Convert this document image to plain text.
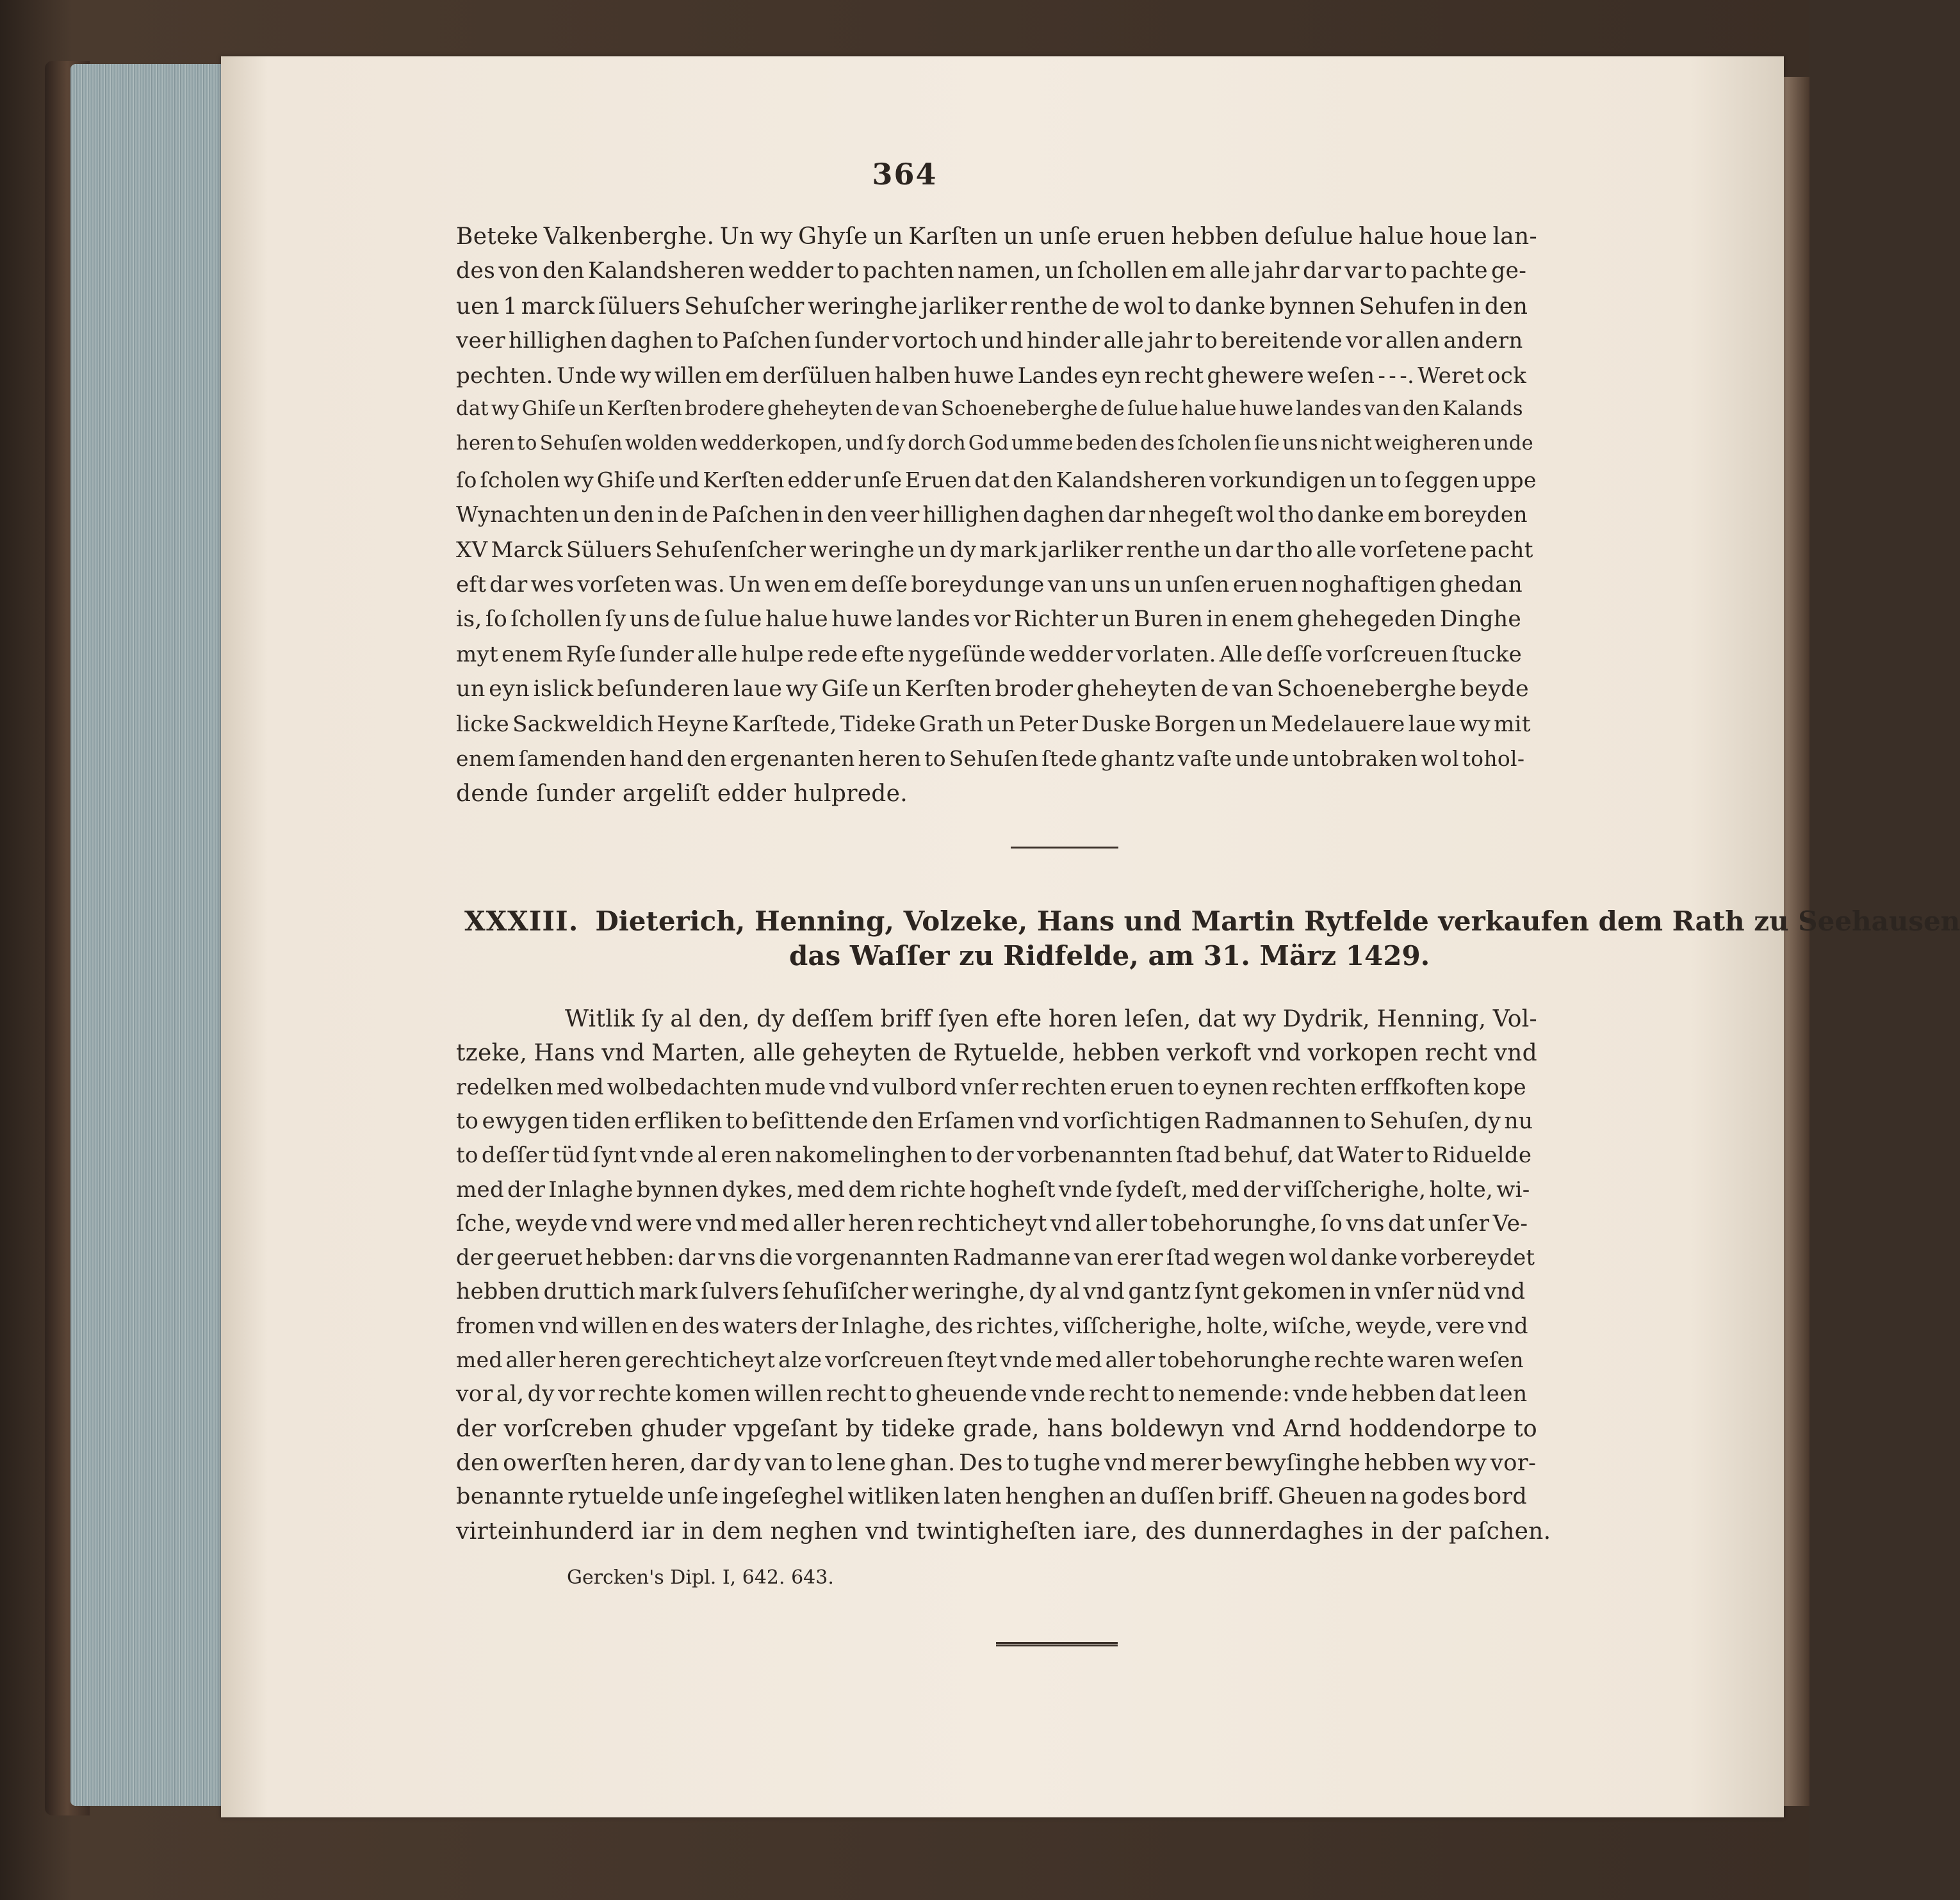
364
Beteke Valkenberghe. Un wy Ghyſe un Karſten un unſe eruen hebben deſulue halue houe lan-
des von den Kalandsheren wedder to pachten namen, un ſchollen em alle jahr dar var to pachte ge-
uen 1 marck ſüluers Sehuſcher weringhe jarliker renthe de wol to danke bynnen Sehufen in den
veer hillighen daghen to Paſchen ſunder vortoch und hinder alle jahr to bereitende vor allen andern
pechten. Unde wy willen em derſüluen halben huwe Landes eyn recht ghewere weſen - - -. Weret ock
dat wy Ghiſe un Kerſten brodere gheheyten de van Schoeneberghe de ſulue halue huwe landes van den Kalands
heren to Sehuſen wolden wedderkopen, und ſy dorch God umme beden des ſcholen ſie uns nicht weigheren unde
ſo ſcholen wy Ghiſe und Kerſten edder unſe Eruen dat den Kalandsheren vorkundigen un to ſeggen uppe
Wynachten un den in de Paſchen in den veer hillighen daghen dar nhegeſt wol tho danke em boreyden
XV Marck Süluers Sehuſenſcher weringhe un dy mark jarliker renthe un dar tho alle vorſetene pacht
eft dar wes vorſeten was. Un wen em deſſe boreydunge van uns un unſen eruen noghaftigen ghedan
is, ſo ſchollen ſy uns de ſulue halue huwe landes vor Richter un Buren in enem ghehegeden Dinghe
myt enem Ryſe ſunder alle hulpe rede efte nygeſünde wedder vorlaten. Alle deſſe vorſcreuen ſtucke
un eyn islick beſunderen laue wy Giſe un Kerſten broder gheheyten de van Schoeneberghe beyde
licke Sackweldich Heyne Karſtede, Tideke Grath un Peter Duske Borgen un Medelauere laue wy mit
enem ſamenden hand den ergenanten heren to Sehuſen ſtede ghantz vaſte unde untobraken wol tohol-
dende ſunder argeliſt edder hulprede.
XXXIII. Dieterich, Henning, Volzeke, Hans und Martin Rytfelde verkaufen dem Rath zu Seehausen
das Waſſer zu Ridfelde, am 31. März 1429.
Witlik ſy al den, dy deſſem briff ſyen efte horen leſen, dat wy Dydrik, Henning, Vol-
tzeke, Hans vnd Marten, alle geheyten de Rytuelde, hebben verkoft vnd vorkopen recht vnd
redelken med wolbedachten mude vnd vulbord vnſer rechten eruen to eynen rechten erffkoften kope
to ewygen tiden erfliken to beſittende den Erſamen vnd vorſichtigen Radmannen to Sehuſen, dy nu
to deſſer tüd ſynt vnde al eren nakomelinghen to der vorbenannten ſtad behuf, dat Water to Riduelde
med der Inlaghe bynnen dykes, med dem richte hogheſt vnde ſydeſt, med der viſſcherighe, holte, wi-
ſche, weyde vnd were vnd med aller heren rechticheyt vnd aller tobehorunghe, ſo vns dat unſer Ve-
der geeruet hebben: dar vns die vorgenannten Radmanne van erer ſtad wegen wol danke vorbereydet
hebben druttich mark ſulvers ſehuſiſcher weringhe, dy al vnd gantz ſynt gekomen in vnſer nüd vnd
fromen vnd willen en des waters der Inlaghe, des richtes, viſſcherighe, holte, wiſche, weyde, vere vnd
med aller heren gerechticheyt alze vorſcreuen ſteyt vnde med aller tobehorunghe rechte waren weſen
vor al, dy vor rechte komen willen recht to gheuende vnde recht to nemende: vnde hebben dat leen
der vorſcreben ghuder vpgeſant by tideke grade, hans boldewyn vnd Arnd hoddendorpe to
den owerſten heren, dar dy van to lene ghan. Des to tughe vnd merer bewyſinghe hebben wy vor-
benannte rytuelde unſe ingeſeghel witliken laten henghen an duſſen briff. Gheuen na godes bord
virteinhunderd iar in dem neghen vnd twintigheſten iare, des dunnerdaghes in der paſchen.
Gercken's Dipl. I, 642. 643.
